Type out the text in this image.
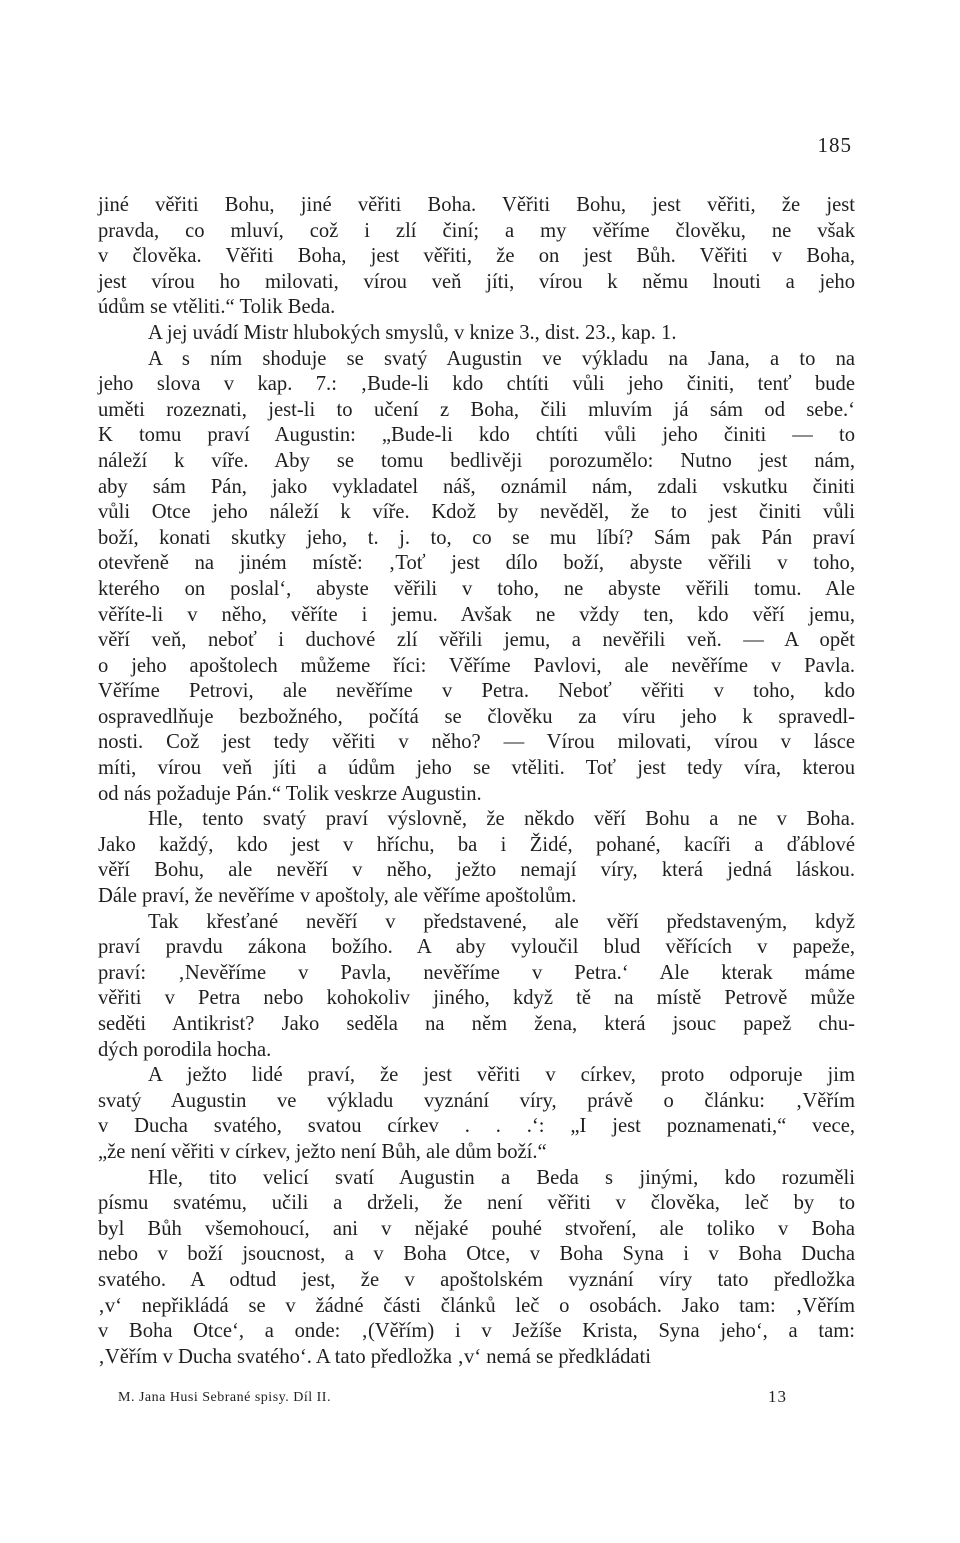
185
jiné věřiti Bohu, jiné věřiti Boha. Věřiti Bohu, jest věřiti, že jest
pravda, co mluví, což i zlí činí; a my věříme člověku, ne však
v člověka. Věřiti Boha, jest věřiti, že on jest Bůh. Věřiti v Boha,
jest vírou ho milovati, vírou veň jíti, vírou k němu lnouti a jeho
údům se vtěliti.“ Tolik Beda.
A jej uvádí Mistr hlubokých smyslů, v knize 3., dist. 23., kap. 1.
A s ním shoduje se svatý Augustin ve výkladu na Jana, a to na
jeho slova v kap. 7.: ‚Bude-li kdo chtíti vůli jeho činiti, tenť bude
uměti rozeznati, jest-li to učení z Boha, čili mluvím já sám od sebe.‘
K tomu praví Augustin: „Bude-li kdo chtíti vůli jeho činiti — to
náleží k víře. Aby se tomu bedlivěji porozumělo: Nutno jest nám,
aby sám Pán, jako vykladatel náš, oznámil nám, zdali vskutku činiti
vůli Otce jeho náleží k víře. Kdož by nevěděl, že to jest činiti vůli
boží, konati skutky jeho, t. j. to, co se mu líbí? Sám pak Pán praví
otevřeně na jiném místě: ‚Toť jest dílo boží, abyste věřili v toho,
kteréhο on poslal‘, abyste věřili v toho, ne abyste věřili tomu. Ale
věříte-li v něho, věříte i jemu. Avšak ne vždy ten, kdo věří jemu,
věří veň, neboť i duchové zlí věřili jemu, a nevěřili veň. — A opět
o jeho apoštolech můžeme říci: Věříme Pavlovi, ale nevěříme v Pavla.
Věříme Petrovi, ale nevěříme v Petra. Neboť věřiti v toho, kdo
ospravedlňuje bezbožného, počítá se člověku za víru jeho k spravedl-
nosti. Což jest tedy věřiti v něho? — Vírou milovati, vírou v lásce
míti, vírou veň jíti a údům jeho se vtěliti. Toť jest tedy víra, kterou
od nás požaduje Pán.“ Tolik veskrze Augustin.
Hle, tento svatý praví výslovně, že někdo věří Bohu a ne v Boha.
Jako každý, kdo jest v hříchu, ba i Židé, pohané, kacíři a ďáblové
věří Bohu, ale nevěří v něho, ježto nemají víry, která jedná láskou.
Dále praví, že nevěříme v apoštoly, ale věříme apoštolům.
Tak křesťané nevěří v představené, ale věří představeným, když
praví pravdu zákona božího. A aby vyloučil blud věřících v papeže,
praví: ‚Nevěříme v Pavla, nevěříme v Petra.‘ Ale kterak máme
věřiti v Petra nebo kohokoliv jiného, když tě na místě Petrově může
seděti Antikrist? Jako seděla na něm žena, která jsouc papež chu-
dých porodila hocha.
A ježto lidé praví, že jest věřiti v církev, proto odporuje jim
svatý Augustin ve výkladu vyznání víry, právě o článku: ‚Věřím
v Ducha svatého, svatou církev . . .‘: „I jest poznamenati,“ vece,
„že není věřiti v církev, ježto není Bůh, ale dům boží.“
Hle, tito velicí svatí Augustin a Beda s jinými, kdo rozuměli
písmu svatému, učili a drželi, že není věřiti v člověka, leč by to
byl Bůh všemohoucí, ani v nějaké pouhé stvoření, ale toliko v Boha
nebo v boží jsoucnost, a v Boha Otce, v Boha Syna i v Boha Ducha
svatého. A odtud jest, že v apoštolském vyznání víry tato předložka
‚v‘ nepřikládá se v žádné části článků leč o osobách. Jako tam: ‚Věřím
v Boha Otce‘, a onde: ‚(Věřím) i v Ježíše Krista, Syna jeho‘, a tam:
‚Věřím v Ducha svatého‘. A tato předložka ‚v‘ nemá se předkládati
M. Jana Husi Sebrané spisy. Díl II.	13
